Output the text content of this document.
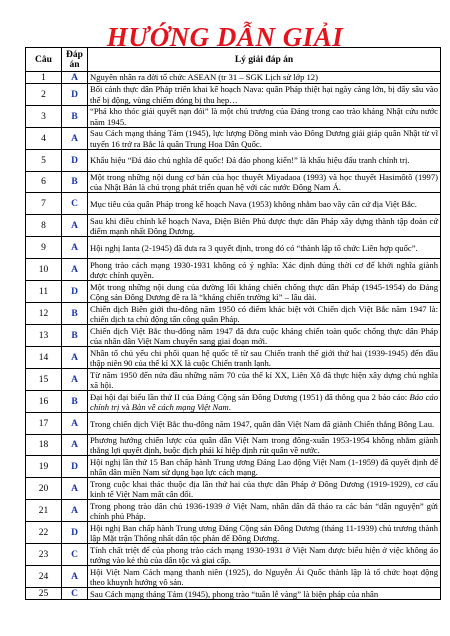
HƯỚNG DẪN GIẢI
Câu	Đáp án	Lý giải đáp án
1	A	Nguyên nhân ra đời tổ chức ASEAN (tr 31 – SGK Lịch sử lớp 12)
2	D	Bối cảnh thực dân Pháp triển khai kế hoạch Nava: quân Pháp thiệt hại ngày càng lớn, bị đẩy sâu vào thế bị động, vùng chiếm đóng bị thu hẹp…
3	B	“Phá kho thóc giải quyết nạn đói” là một chủ trương của Đảng trong cao trào kháng Nhật cứu nước năm 1945.
4	A	Sau Cách mạng tháng Tám (1945), lực lượng Đồng minh vào Đông Dương giải giáp quân Nhật từ vĩ tuyến 16 trở ra Bắc là quân Trung Hoa Dân Quốc.
5	D	Khẩu hiệu “Đả đảo chủ nghĩa đế quốc! Đả đảo phong kiến!” là khẩu hiệu đấu tranh chính trị.
6	B	Một trong những nội dung cơ bản của học thuyết Miyadaoa (1993) và học thuyết Hasimôtô (1997) của Nhật Bản là chú trọng phát triển quan hệ với các nước Đông Nam Á.
7	C	Mục tiêu của quân Pháp trong kế hoạch Nava (1953) không nhằm bao vây căn cứ địa Việt Bắc.
8	A	Sau khi điều chỉnh kế hoạch Nava, Điện Biên Phủ được thực dân Pháp xây dựng thành tập đoàn cứ điểm mạnh nhất Đông Dương.
9	A	Hội nghị Ianta (2-1945) đã đưa ra 3 quyết định, trong đó có “thành lập tổ chức Liên hợp quốc”.
10	A	Phong trào cách mạng 1930-1931 không có ý nghĩa: Xác định đúng thời cơ để khởi nghĩa giành được chính quyền.
11	D	Một trong những nội dung của đường lối kháng chiến chống thực dân Pháp (1945-1954) do Đảng Cộng sản Đông Dương đề ra là “kháng chiến trường kì” – lâu dài.
12	B	Chiến dịch Biên giới thu-đông năm 1950 có điểm khác biệt với Chiến dịch Việt Bắc năm 1947 là: chiến dịch ta chủ động tấn công quân Pháp.
13	B	Chiến dịch Việt Bắc thu-đông năm 1947 đã đưa cuộc kháng chiến toàn quốc chống thực dân Pháp của nhân dân Việt Nam chuyển sang giai đoạn mới.
14	A	Nhân tố chủ yếu chi phối quan hệ quốc tế từ sau Chiến tranh thế giới thứ hai (1939-1945) đến đầu thập niên 90 của thế kỉ XX là cuộc Chiến tranh lạnh.
15	A	Từ năm 1950 đến nửa đầu những năm 70 của thế kỉ XX, Liên Xô đã thực hiện xây dựng chủ nghĩa xã hội.
16	B	Đại hội đại biểu lần thứ II của Đảng Cộng sản Đông Dương (1951) đã thông qua 2 báo cáo: Báo cáo chính trị và Bàn về cách mạng Việt Nam.
17	A	Trong chiến dịch Việt Bắc thu-đông năm 1947, quân dân Việt Nam đã giành Chiến thắng Bông Lau.
18	A	Phương hướng chiến lược của quân dân Việt Nam trong đông-xuân 1953-1954 không nhằm giành thắng lợi quyết định, buộc địch phải kí hiệp định rút quân về nước.
19	D	Hội nghị lần thứ 15 Ban chấp hành Trung ương Đảng Lao động Việt Nam (1-1959) đã quyết định để nhân dân miền Nam sử dụng bạo lực cách mạng.
20	A	Trong cuộc khai thác thuộc địa lần thứ hai của thực dân Pháp ở Đông Dương (1919-1929), cơ cấu kinh tế Việt Nam mất cân đối.
21	A	Trong phong trào dân chủ 1936-1939 ở Việt Nam, nhân dân đã tháo ra các bản “dân nguyện” gửi chính phủ Pháp.
22	D	Hội nghị Ban chấp hành Trung ương Đảng Cộng sản Đông Dương (tháng 11-1939) chủ trương thành lập Mặt trận Thống nhất dân tộc phản đế Đông Dương.
23	C	Tính chất triệt để của phong trào cách mạng 1930-1931 ở Việt Nam được biểu hiện ở việc không ảo tưởng vào kẻ thù của dân tộc và giai cấp.
24	A	Hội Việt Nam Cách mạng thanh niên (1925), do Nguyễn Ái Quốc thành lập là tổ chức hoạt động theo khuynh hướng vô sản.
25	C	Sau Cách mạng tháng Tám (1945), phong trào “tuần lễ vàng” là biện pháp của nhân
